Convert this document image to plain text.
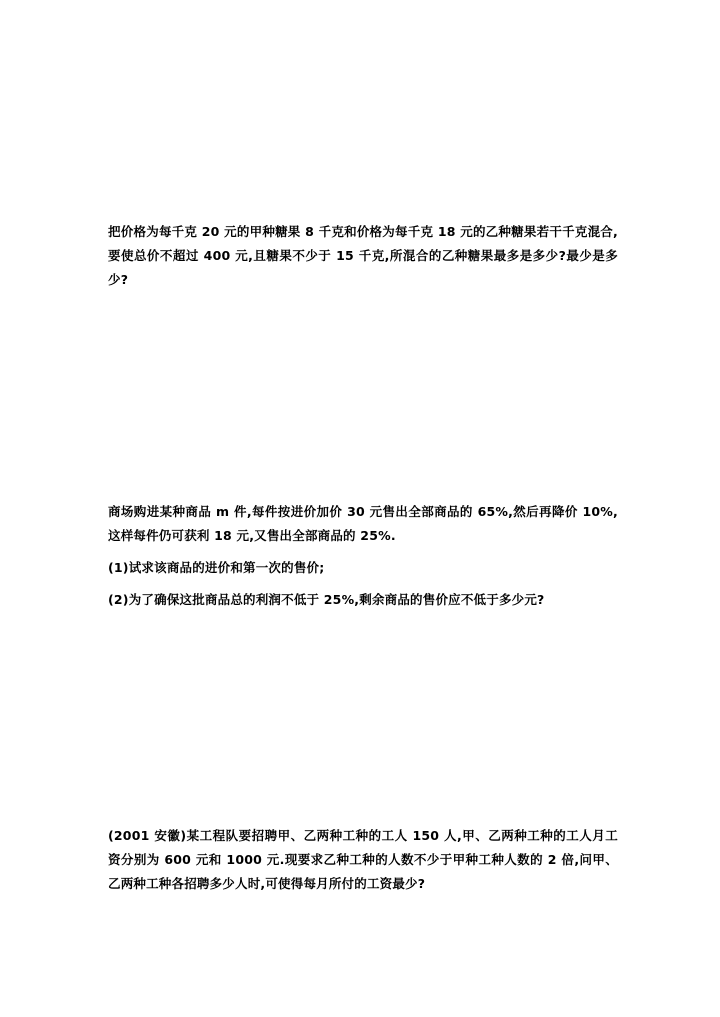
把价格为每千克 20 元的甲种糖果 8 千克和价格为每千克 18 元的乙种糖果若干千克混合,要使总价不超过 400 元,且糖果不少于 15 千克,所混合的乙种糖果最多是多少?最少是多少?

商场购进某种商品 m 件,每件按进价加价 30 元售出全部商品的 65%,然后再降价 10%,这样每件仍可获利 18 元,又售出全部商品的 25%.

(1)试求该商品的进价和第一次的售价;

(2)为了确保这批商品总的利润不低于 25%,剩余商品的售价应不低于多少元?

(2001 安徽)某工程队要招聘甲、乙两种工种的工人 150 人,甲、乙两种工种的工人月工资分别为 600 元和 1000 元.现要求乙种工种的人数不少于甲种工种人数的 2 倍,问甲、乙两种工种各招聘多少人时,可使得每月所付的工资最少?
